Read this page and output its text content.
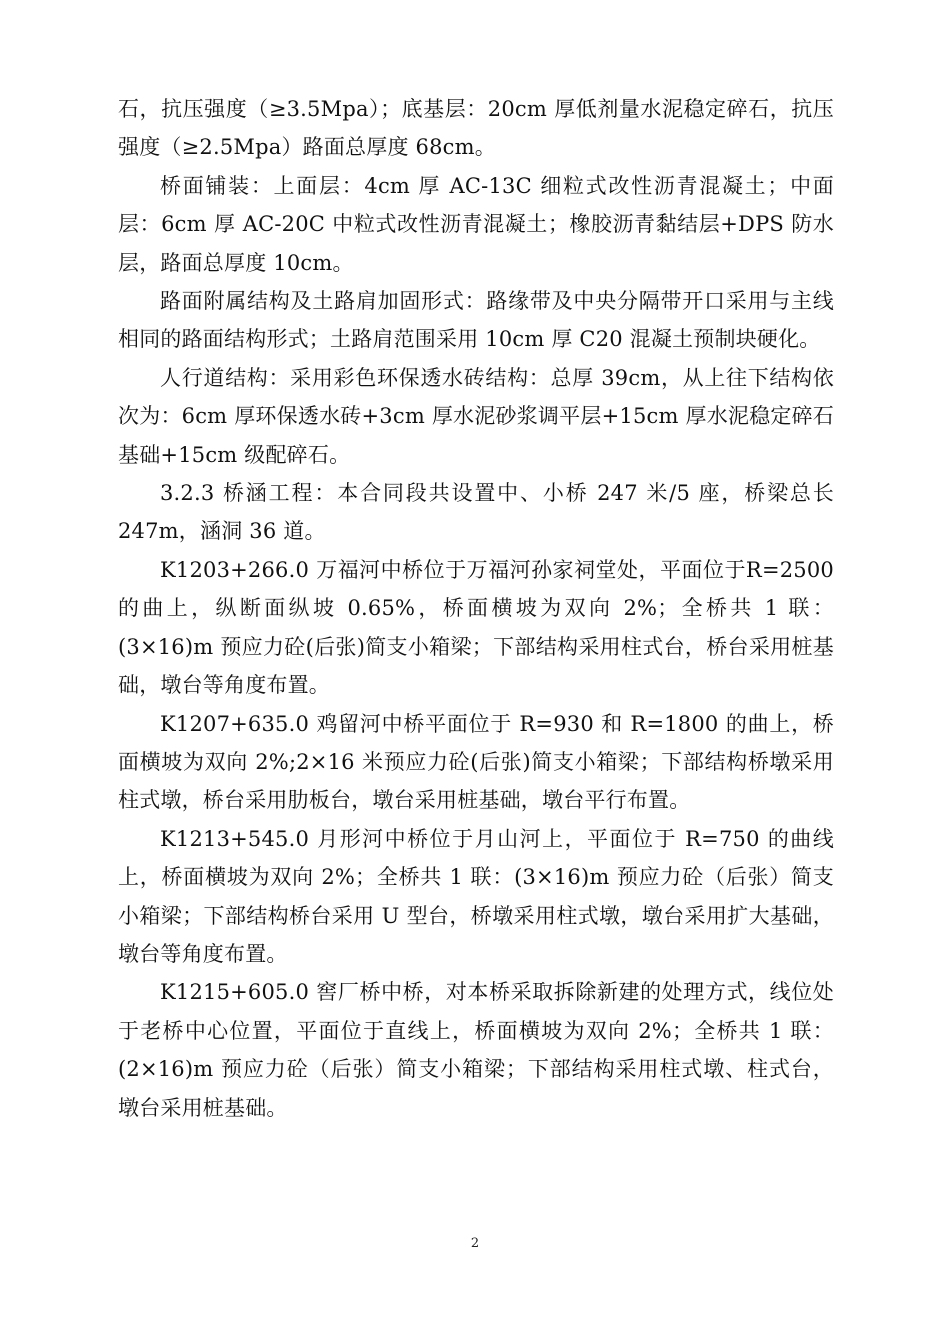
石，抗压强度（≥3.5Mpa）；底基层：20cm 厚低剂量水泥稳定碎石，抗压强度（≥2.5Mpa）路面总厚度 68cm。

桥面铺装：上面层：4cm 厚 AC-13C 细粒式改性沥青混凝土；中面层：6cm 厚 AC-20C 中粒式改性沥青混凝土；橡胶沥青黏结层+DPS 防水层，路面总厚度 10cm。

路面附属结构及土路肩加固形式：路缘带及中央分隔带开口采用与主线相同的路面结构形式；土路肩范围采用 10cm 厚 C20 混凝土预制块硬化。

人行道结构：采用彩色环保透水砖结构：总厚 39cm，从上往下结构依次为：6cm 厚环保透水砖+3cm 厚水泥砂浆调平层+15cm 厚水泥稳定碎石基础+15cm 级配碎石。

3.2.3 桥涵工程：本合同段共设置中、小桥 247 米/5 座，桥梁总长 247m，涵洞 36 道。

K1203+266.0 万福河中桥位于万福河孙家祠堂处，平面位于R=2500的曲上，纵断面纵坡 0.65%，桥面横坡为双向 2%；全桥共 1 联：(3×16)m 预应力砼(后张)简支小箱梁；下部结构采用柱式台，桥台采用桩基础，墩台等角度布置。

K1207+635.0 鸡留河中桥平面位于 R=930 和 R=1800 的曲上，桥面横坡为双向 2%;2×16 米预应力砼(后张)简支小箱梁；下部结构桥墩采用柱式墩，桥台采用肋板台，墩台采用桩基础，墩台平行布置。

K1213+545.0 月形河中桥位于月山河上，平面位于 R=750 的曲线上，桥面横坡为双向 2%；全桥共 1 联：(3×16)m 预应力砼（后张）简支小箱梁；下部结构桥台采用 U 型台，桥墩采用柱式墩，墩台采用扩大基础，墩台等角度布置。

K1215+605.0 窖厂桥中桥，对本桥采取拆除新建的处理方式，线位处于老桥中心位置，平面位于直线上，桥面横坡为双向 2%；全桥共 1 联：(2×16)m 预应力砼（后张）简支小箱梁；下部结构采用柱式墩、柱式台，墩台采用桩基础。

2
